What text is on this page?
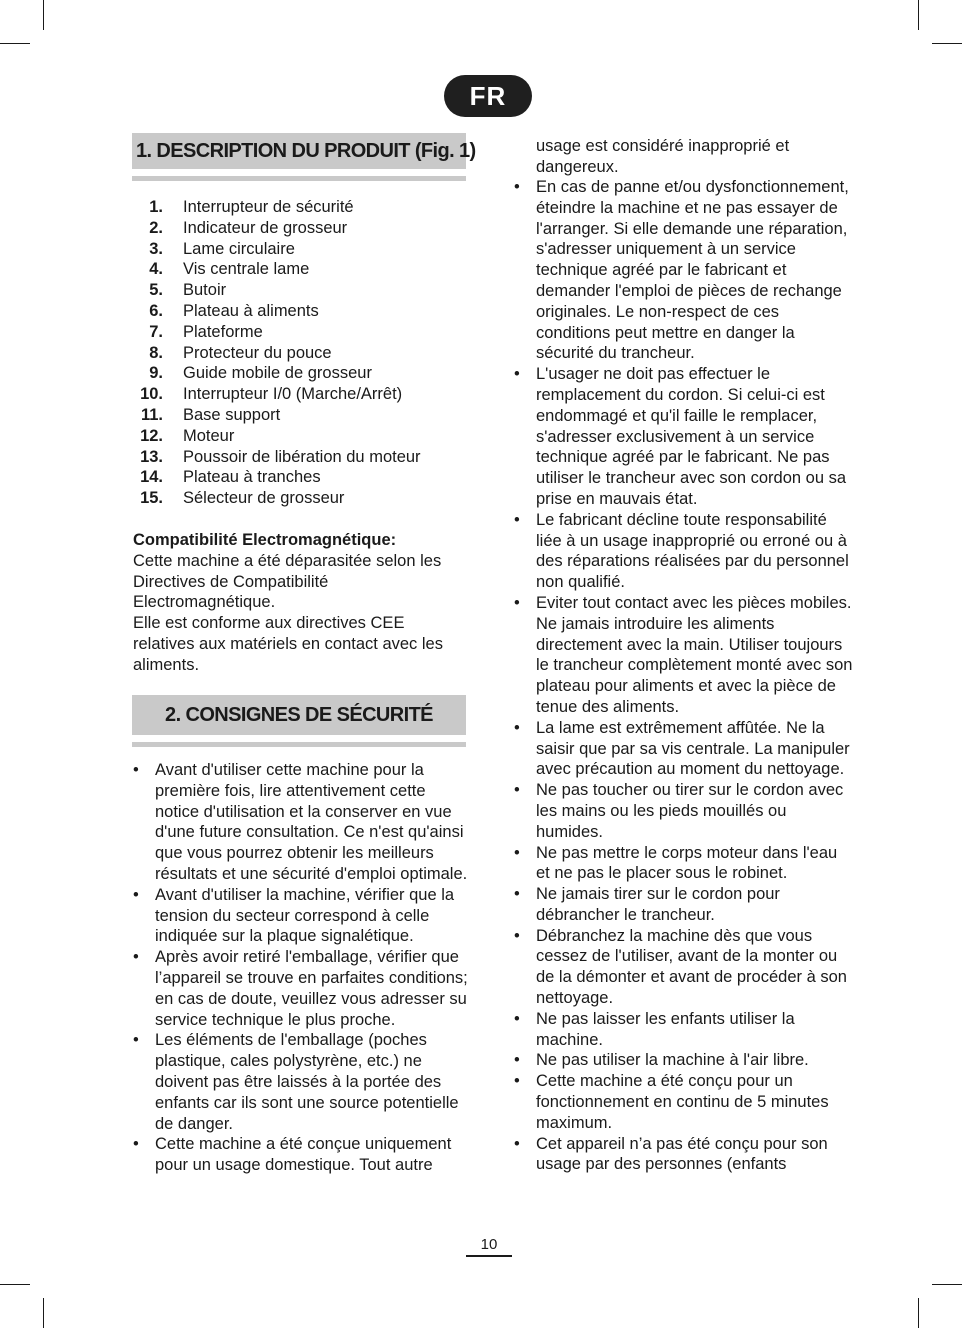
FR
1. DESCRIPTION DU PRODUIT (Fig. 1)
1. Interrupteur de sécurité
2. Indicateur de grosseur
3. Lame circulaire
4. Vis centrale lame
5. Butoir
6. Plateau à aliments
7. Plateforme
8. Protecteur du pouce
9. Guide mobile de grosseur
10. Interrupteur I/0 (Marche/Arrêt)
11. Base support
12. Moteur
13. Poussoir de libération du moteur
14. Plateau à tranches
15. Sélecteur de grosseur

Compatibilité Electromagnétique:

Cette machine a été déparasitée selon les Directives de Compatibilité Electromagnétique.

Elle est conforme aux directives CEE relatives aux matériels en contact avec les aliments.

2. CONSIGNES DE SÉCURITÉ
• Avant d'utiliser cette machine pour la première fois, lire attentivement cette notice d'utilisation et la conserver en vue d'une future consultation. Ce n'est qu'ainsi que vous pourrez obtenir les meilleurs résultats et une sécurité d'emploi optimale.
• Avant d'utiliser la machine, vérifier que la tension du secteur correspond à celle indiquée sur la plaque signalétique.
• Après avoir retiré l'emballage, vérifier que l’appareil se trouve en parfaites conditions; en cas de doute, veuillez vous adresser su service technique le plus proche.
• Les éléments de l'emballage (poches plastique, cales polystyrène, etc.) ne doivent pas être laissés à la portée des enfants car ils sont une source potentielle de danger.
• Cette machine a été conçue uniquement pour un usage domestique. Tout autre
usage est considéré inapproprié et dangereux.
• En cas de panne et/ou dysfonctionnement, éteindre la machine et ne pas essayer de l'arranger. Si elle demande une réparation, s'adresser uniquement à un service technique agréé par le fabricant et demander l'emploi de pièces de rechange originales. Le non-respect de ces conditions peut mettre en danger la sécurité du trancheur.
• L'usager ne doit pas effectuer le remplacement du cordon. Si celui-ci est endommagé et qu'il faille le remplacer, s'adresser exclusivement à un service technique agréé par le fabricant. Ne pas utiliser le trancheur avec son cordon ou sa prise en mauvais état.
• Le fabricant décline toute responsabilité liée à un usage inapproprié ou erroné ou à des réparations réalisées par du personnel non qualifié.
• Eviter tout contact avec les pièces mobiles. Ne jamais introduire les aliments directement avec la main. Utiliser toujours le trancheur complètement monté avec son plateau pour aliments et avec la pièce de tenue des aliments.
• La lame est extrêmement affûtée. Ne la saisir que par sa vis centrale. La manipuler avec précaution au moment du nettoyage.
• Ne pas toucher ou tirer sur le cordon avec les mains ou les pieds mouillés ou humides.
• Ne pas mettre le corps moteur dans l'eau et ne pas le placer sous le robinet.
• Ne jamais tirer sur le cordon pour débrancher le trancheur.
• Débranchez la machine dès que vous cessez de l'utiliser, avant de la monter ou de la démonter et avant de procéder à son nettoyage.
• Ne pas laisser les enfants utiliser la machine.
• Ne pas utiliser la machine à l'air libre.
• Cette machine a été conçu pour un fonctionnement en continu de 5 minutes maximum.
• Cet appareil n’a pas été conçu pour son usage par des personnes (enfants
10
